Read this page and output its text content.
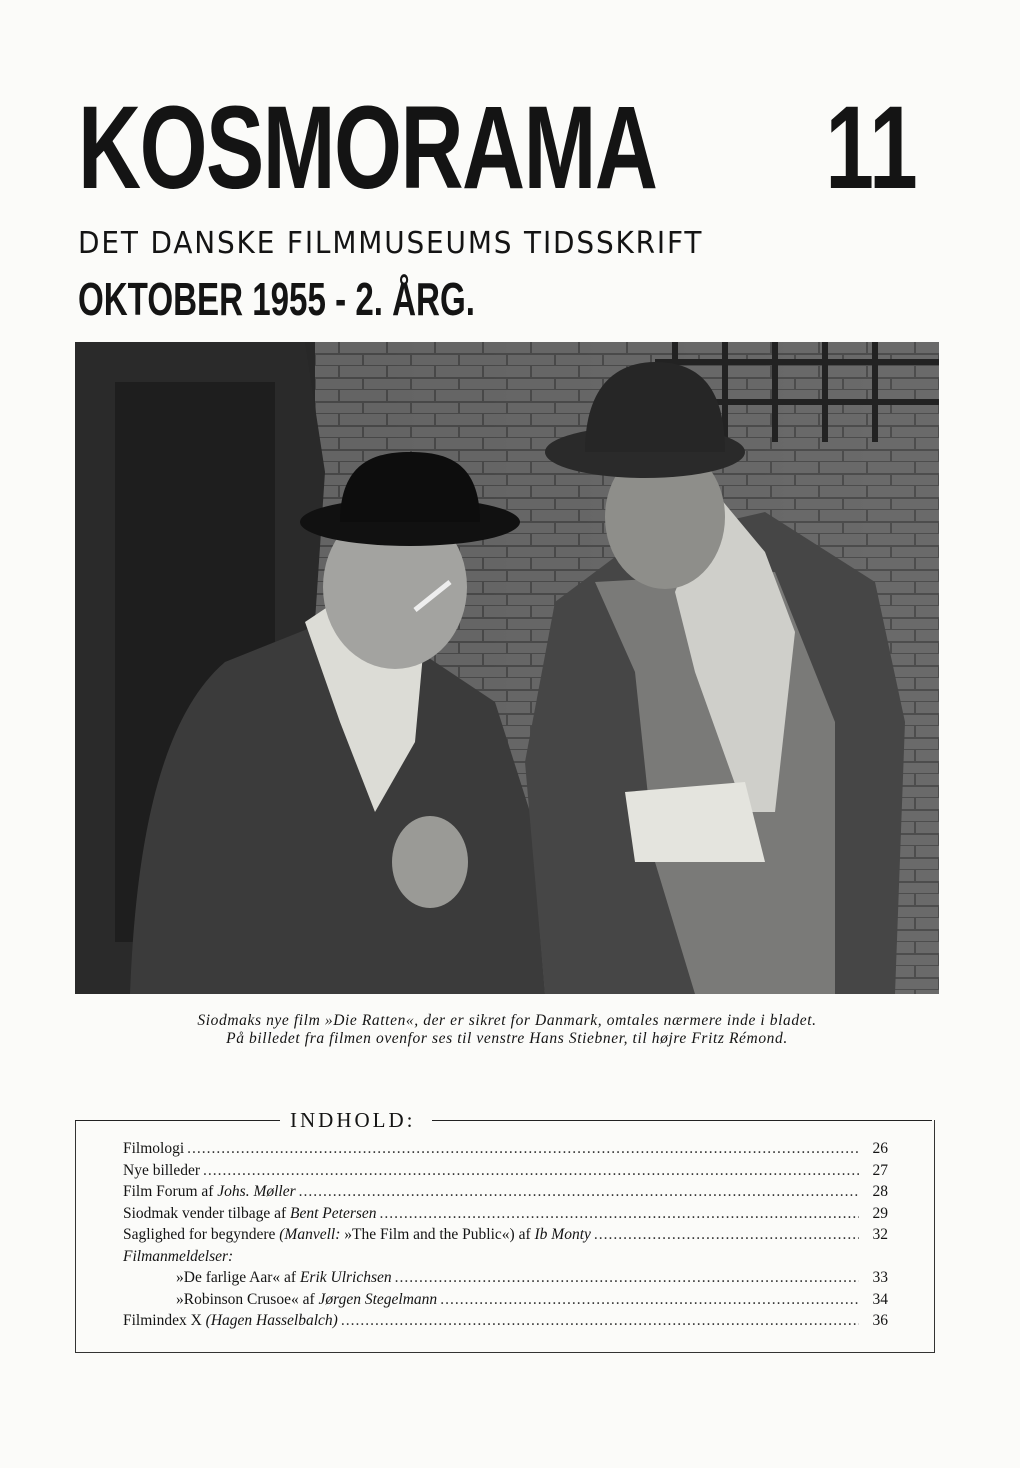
KOSMORAMA 11
DET DANSKE FILMMUSEUMS TIDSSKRIFT
OKTOBER 1955 - 2. ÅRG.
Siodmaks nye film »Die Ratten«, der er sikret for Danmark, omtales nærmere inde i bladet.
På billedet fra filmen ovenfor ses til venstre Hans Stiebner, til højre Fritz Rémond.
INDHOLD:
Filmologi .....	26
Nye billeder .....	27
Film Forum af Johs. Møller .....	28
Siodmak vender tilbage af Bent Petersen .....	29
Saglighed for begyndere (Manvell: »The Film and the Public«) af Ib Monty .....	32
Filmanmeldelser:
»De farlige Aar« af Erik Ulrichsen .....	33
»Robinson Crusoe« af Jørgen Stegelmann .....	34
Filmindex X (Hagen Hasselbalch) .....	36
